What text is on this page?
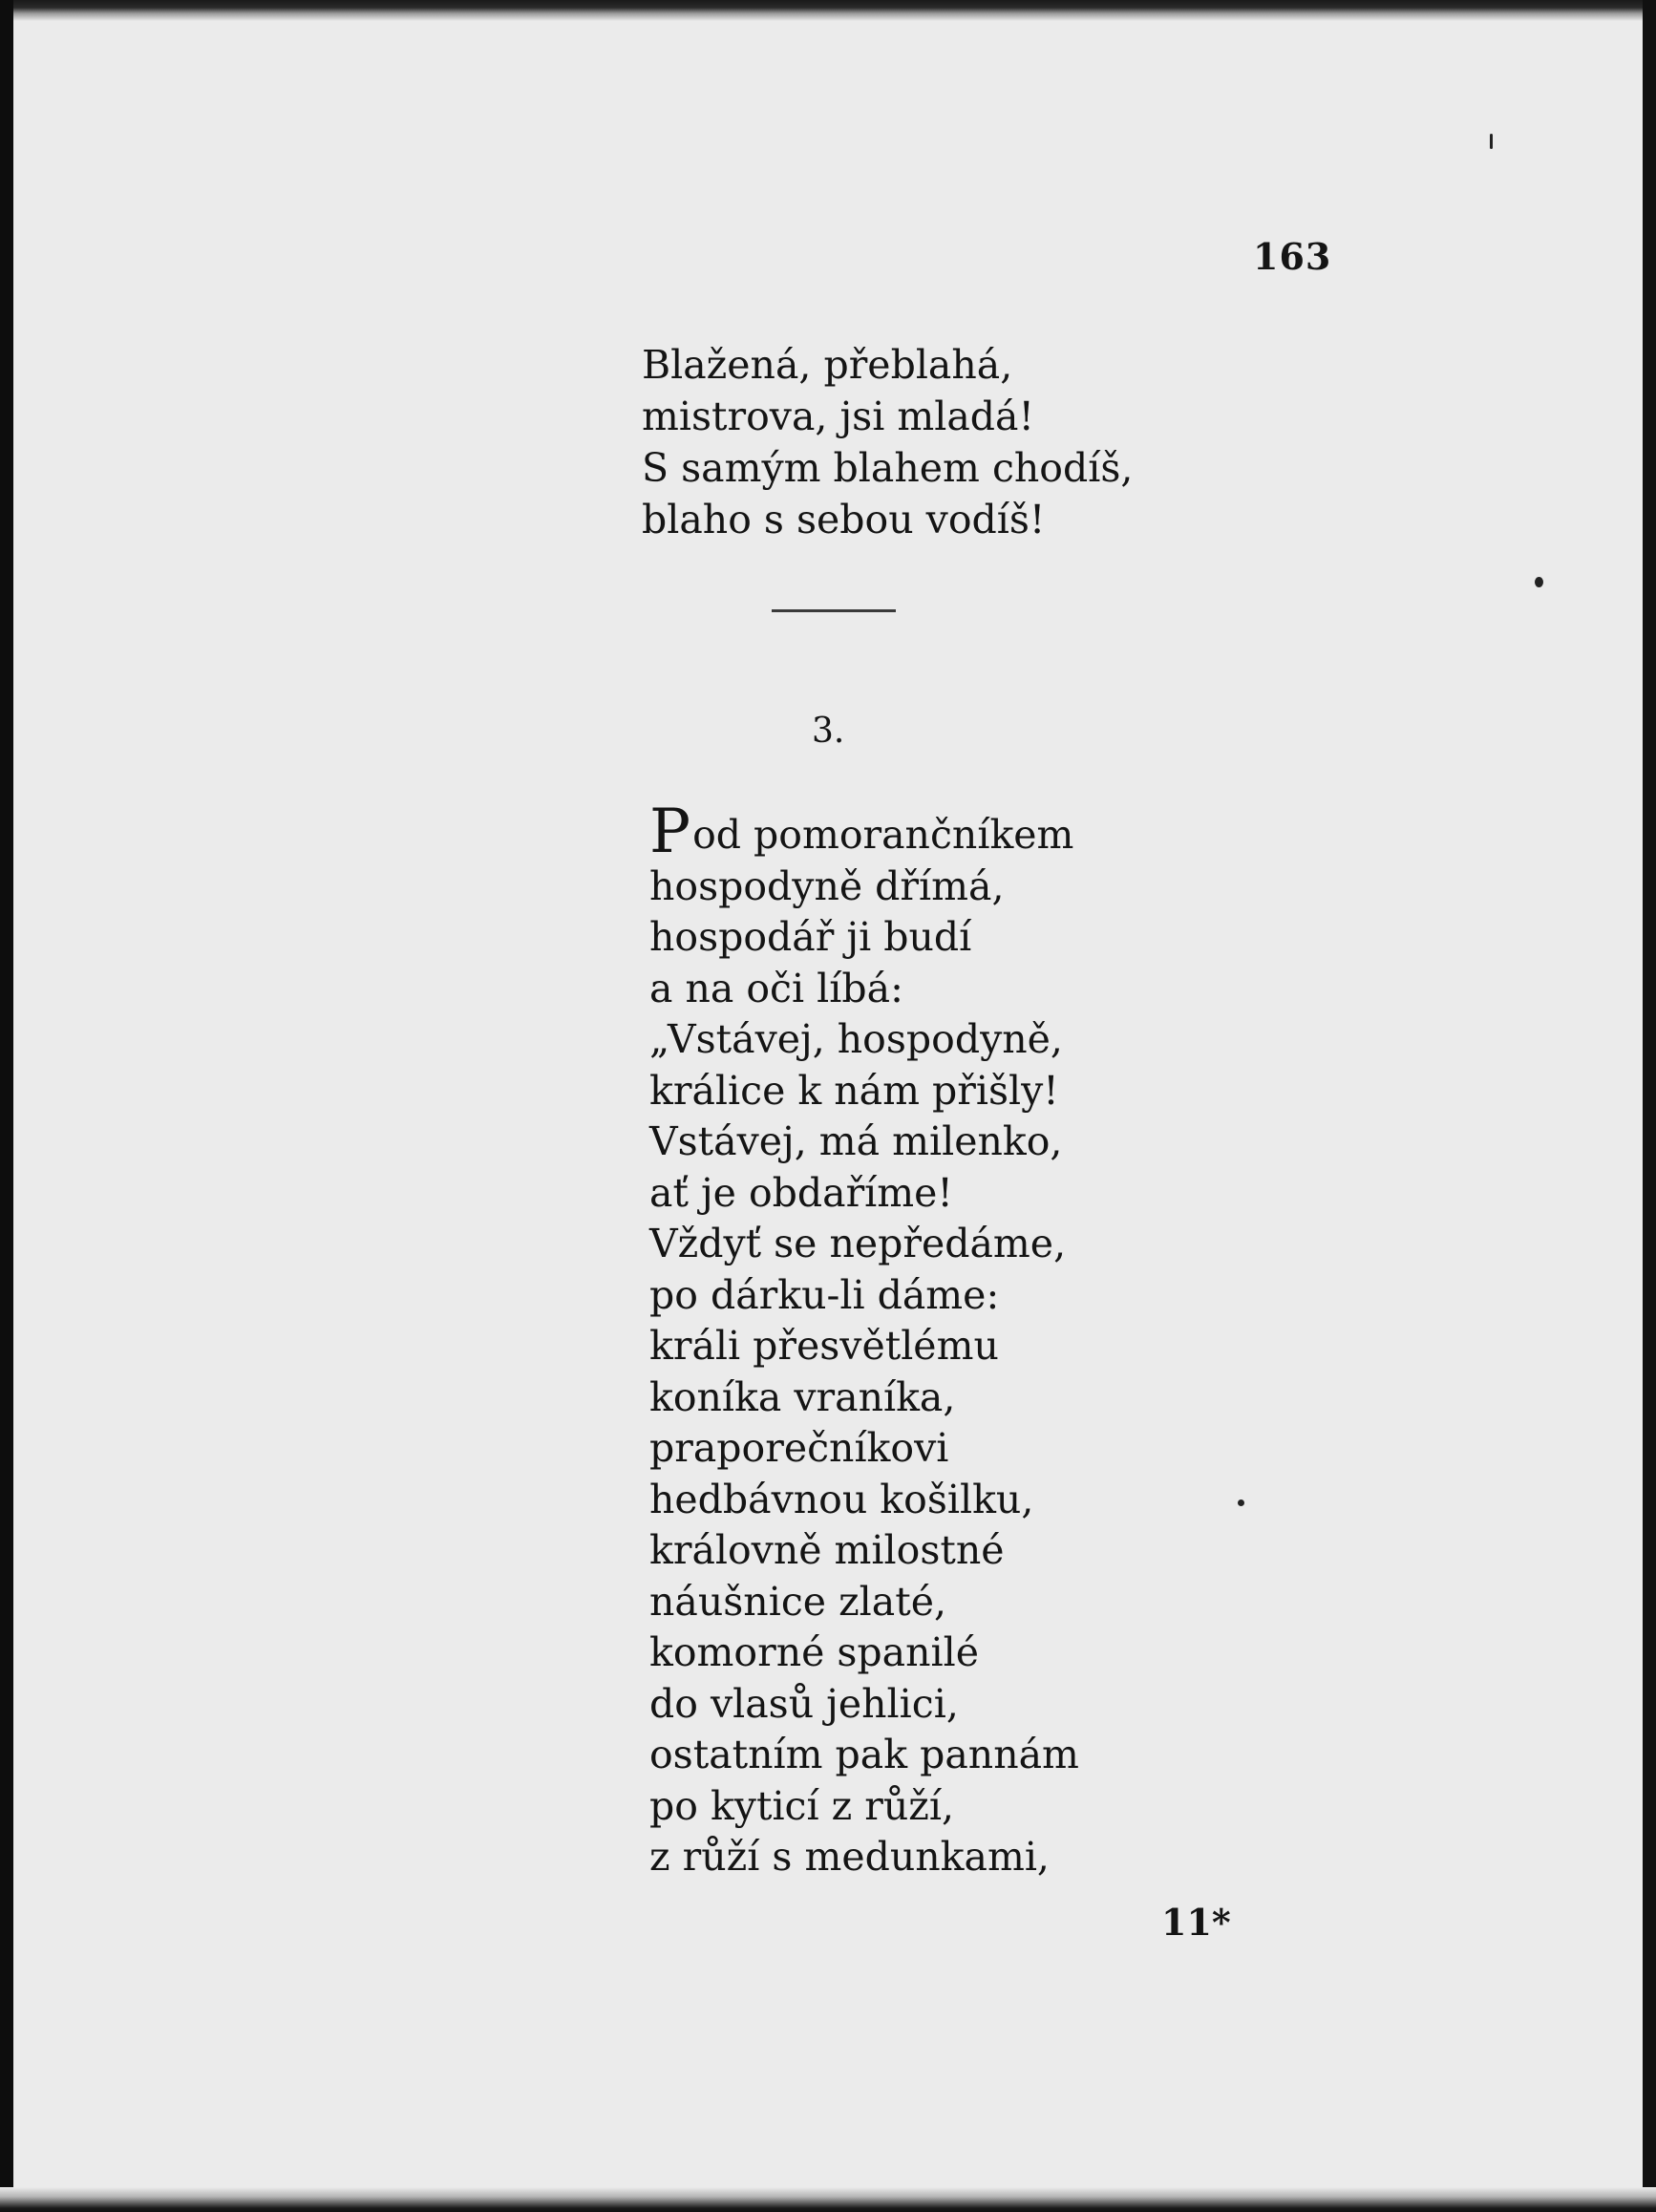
163
Blažená, přeblahá,
mistrova, jsi mladá!
S samým blahem chodíš,
blaho s sebou vodíš!
3.
Pod pomorančníkem
hospodyně dřímá,
hospodář ji budí
a na oči líbá:
„Vstávej, hospodyně,
králice k nám přišly!
Vstávej, má milenko,
ať je obdaříme!
Vždyť se nepředáme,
po dárku-li dáme:
králi přesvětlému
koníka vraníka,
praporečníkovi
hedbávnou košilku,
královně milostné
náušnice zlaté,
komorné spanilé
do vlasů jehlici,
ostatním pak pannám
po kyticí z růží,
z růží s medunkami,
11*
